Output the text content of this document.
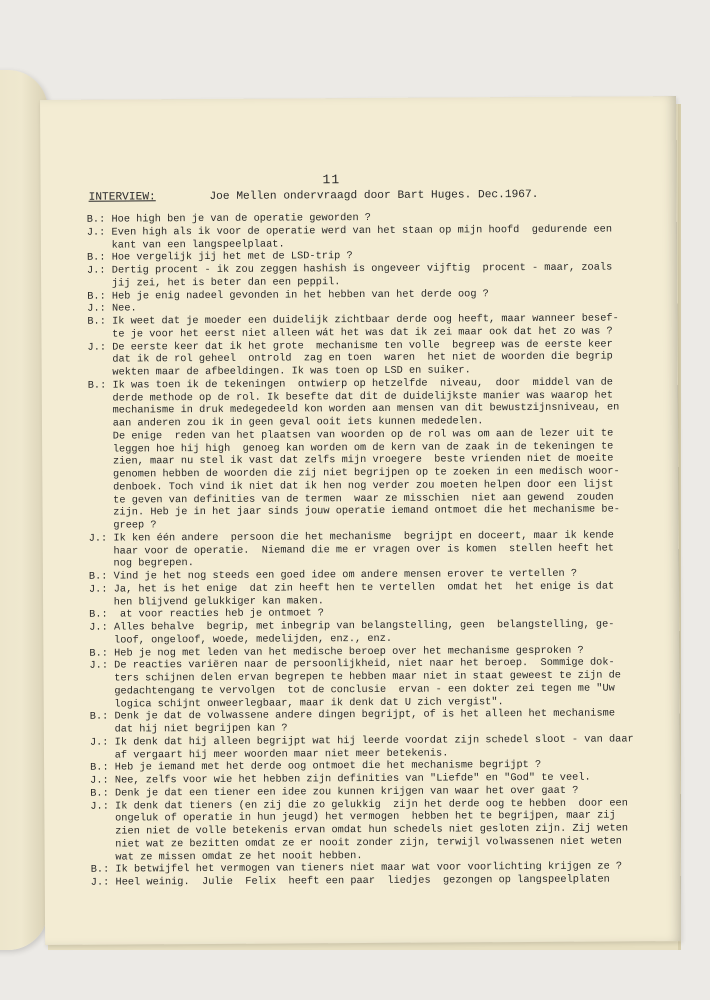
11
INTERVIEW:	Joe Mellen ondervraagd door Bart Huges. Dec.1967.
B.: Hoe high ben je van de operatie geworden ?
J.: Even high als ik voor de operatie werd van het staan op mijn hoofd  gedurende een
kant van een langspeelplaat.
B.: Hoe vergelijk jij het met de LSD-trip ?
J.: Dertig procent - ik zou zeggen hashish is ongeveer vijftig  procent - maar, zoals
jij zei, het is beter dan een peppil.
B.: Heb je enig nadeel gevonden in het hebben van het derde oog ?
J.: Nee.
B.: Ik weet dat je moeder een duidelijk zichtbaar derde oog heeft, maar wanneer besef-
te je voor het eerst niet alleen wát het was dat ik zei maar ook dat het zo was ?
J.: De eerste keer dat ik het grote  mechanisme ten volle  begreep was de eerste keer
dat ik de rol geheel  ontrold  zag en toen  waren  het niet de woorden die begrip
wekten maar de afbeeldingen. Ik was toen op LSD en suiker.
B.: Ik was toen ik de tekeningen  ontwierp op hetzelfde  niveau,  door  middel van de
derde methode op de rol. Ik besefte dat dit de duidelijkste manier was waarop het
mechanisme in druk medegedeeld kon worden aan mensen van dit bewustzijnsniveau, en
aan anderen zou ik in geen geval ooit iets kunnen mededelen.
De enige  reden van het plaatsen van woorden op de rol was om aan de lezer uit te
leggen hoe hij high  genoeg kan worden om de kern van de zaak in de tekeningen te
zien, maar nu stel ik vast dat zelfs mijn vroegere  beste vrienden niet de moeite
genomen hebben de woorden die zij niet begrijpen op te zoeken in een medisch woor-
denboek. Toch vind ik niet dat ik hen nog verder zou moeten helpen door een lijst
te geven van definities van de termen  waar ze misschien  niet aan gewend  zouden
zijn. Heb je in het jaar sinds jouw operatie iemand ontmoet die het mechanisme be-
greep ?
J.: Ik ken één andere  persoon die het mechanisme  begrijpt en doceert, maar ik kende
haar voor de operatie.  Niemand die me er vragen over is komen  stellen heeft het
nog begrepen.
B.: Vind je het nog steeds een goed idee om andere mensen erover te vertellen ?
J.: Ja, het is het enige  dat zin heeft hen te vertellen  omdat het  het enige is dat
hen blijvend gelukkiger kan maken.
B.:  at voor reacties heb je ontmoet ?
J.: Alles behalve  begrip, met inbegrip van belangstelling, geen  belangstelling, ge-
loof, ongeloof, woede, medelijden, enz., enz.
B.: Heb je nog met leden van het medische beroep over het mechanisme gesproken ?
J.: De reacties variëren naar de persoonlijkheid, niet naar het beroep.  Sommige dok-
ters schijnen delen ervan begrepen te hebben maar niet in staat geweest te zijn de
gedachtengang te vervolgen  tot de conclusie  ervan - een dokter zei tegen me "Uw
logica schijnt onweerlegbaar, maar ik denk dat U zich vergist".
B.: Denk je dat de volwassene andere dingen begrijpt, of is het alleen het mechanisme
dat hij niet begrijpen kan ?
J.: Ik denk dat hij alleen begrijpt wat hij leerde voordat zijn schedel sloot - van daar
af vergaart hij meer woorden maar niet meer betekenis.
B.: Heb je iemand met het derde oog ontmoet die het mechanisme begrijpt ?
J.: Nee, zelfs voor wie het hebben zijn definities van "Liefde" en "God" te veel.
B.: Denk je dat een tiener een idee zou kunnen krijgen van waar het over gaat ?
J.: Ik denk dat tieners (en zij die zo gelukkig  zijn het derde oog te hebben  door een
ongeluk of operatie in hun jeugd) het vermogen  hebben het te begrijpen, maar zij
zien niet de volle betekenis ervan omdat hun schedels niet gesloten zijn. Zij weten
niet wat ze bezitten omdat ze er nooit zonder zijn, terwijl volwassenen niet weten
wat ze missen omdat ze het nooit hebben.
B.: Ik betwijfel het vermogen van tieners niet maar wat voor voorlichting krijgen ze ?
J.: Heel weinig.  Julie  Felix  heeft een paar  liedjes  gezongen op langspeelplaten
